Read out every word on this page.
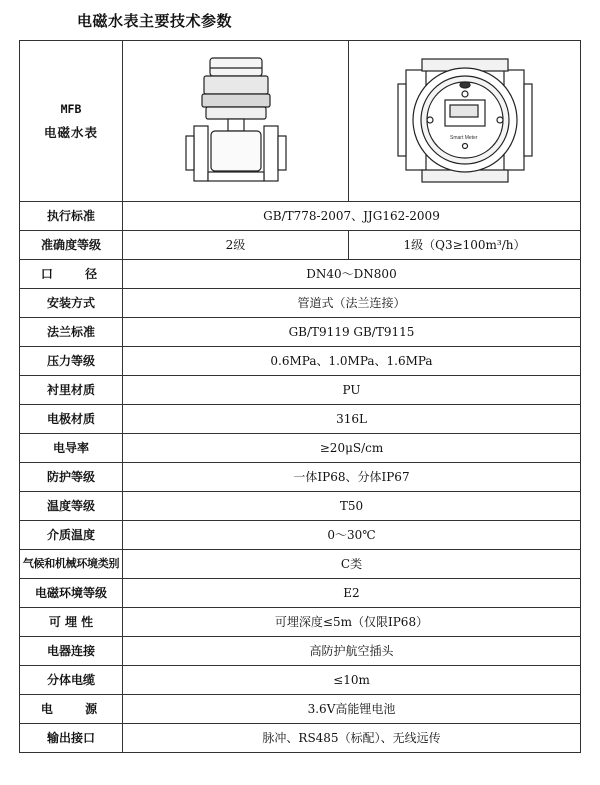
电磁水表主要技术参数
MFB
电磁水表		Smart Meter

执行标准	GB/T778-2007、JJG162-2009	
准确度等级	2级	1级（Q3≥100m³/h）
口 径	DN40～DN800	
安装方式	管道式（法兰连接）	
法兰标准	GB/T9119 GB/T9115	
压力等级	0.6MPa、1.0MPa、1.6MPa	
衬里材质	PU	
电极材质	316L	
电导率	≥20μS/cm	
防护等级	一体IP68、分体IP67	
温度等级	T50	
介质温度	0～30℃	
气候和机械环境类别	C类	
电磁环境等级	E2	
可 埋 性	可埋深度≤5m（仅限IP68）	
电器连接	高防护航空插头	
分体电缆	≤10m	
电 源	3.6V高能锂电池	
输出接口	脉冲、RS485（标配）、无线远传	
